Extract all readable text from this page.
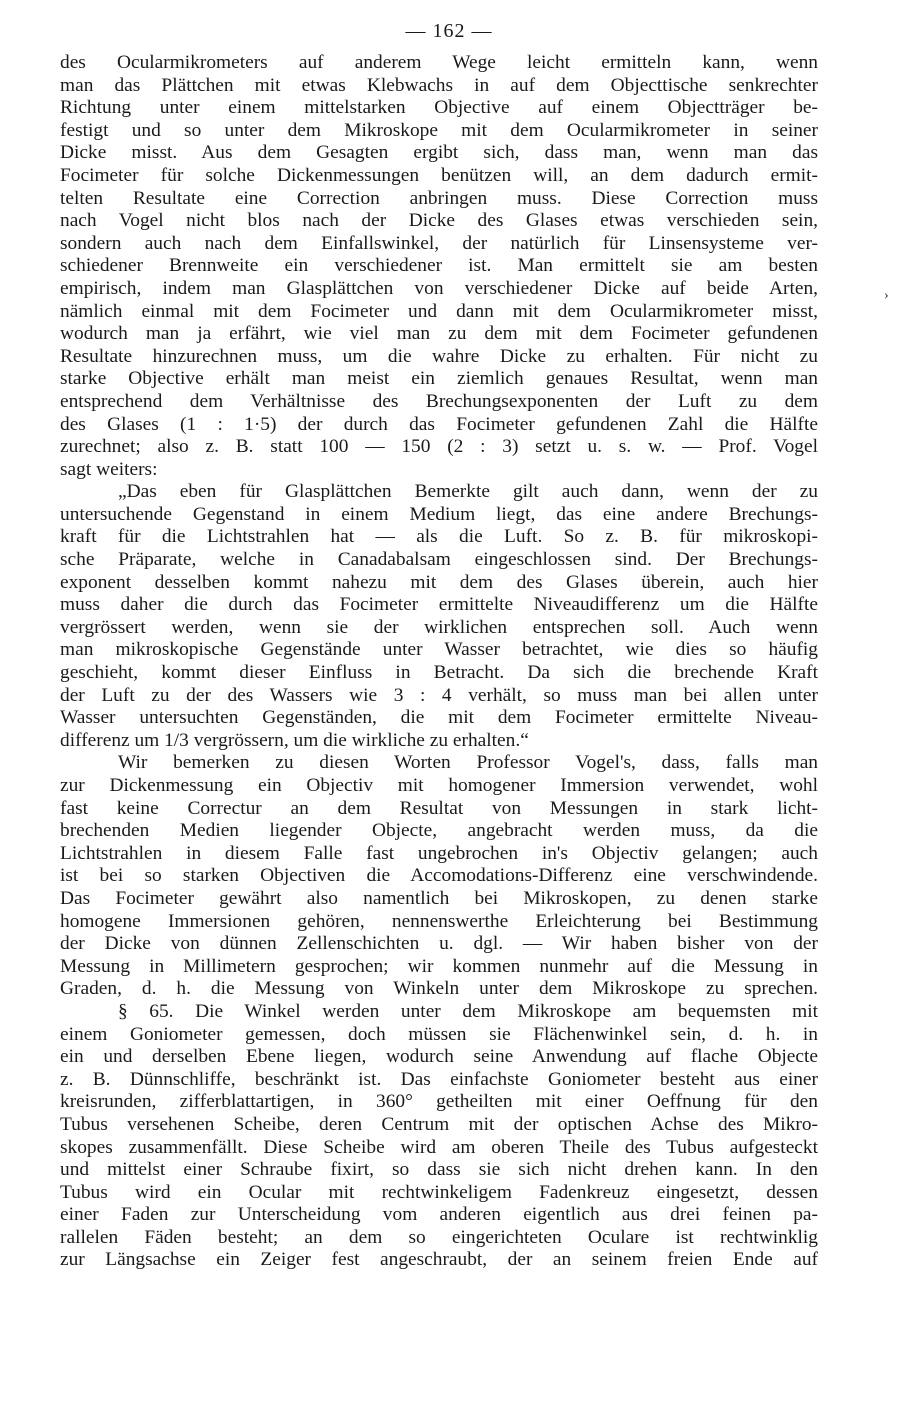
— 162 —
des Ocularmikrometers auf anderem Wege leicht ermitteln kann, wenn
man das Plättchen mit etwas Klebwachs in auf dem Objecttische senkrechter
Richtung unter einem mittelstarken Objective auf einem Objectträger be-
festigt und so unter dem Mikroskope mit dem Ocularmikrometer in seiner
Dicke misst. Aus dem Gesagten ergibt sich, dass man, wenn man das
Focimeter für solche Dickenmessungen benützen will, an dem dadurch ermit-
telten Resultate eine Correction anbringen muss. Diese Correction muss
nach Vogel nicht blos nach der Dicke des Glases etwas verschieden sein,
sondern auch nach dem Einfallswinkel, der natürlich für Linsensysteme ver-
schiedener Brennweite ein verschiedener ist. Man ermittelt sie am besten
empirisch, indem man Glasplättchen von verschiedener Dicke auf beide Arten,
nämlich einmal mit dem Focimeter und dann mit dem Ocularmikrometer misst,
wodurch man ja erfährt, wie viel man zu dem mit dem Focimeter gefundenen
Resultate hinzurechnen muss, um die wahre Dicke zu erhalten. Für nicht zu
starke Objective erhält man meist ein ziemlich genaues Resultat, wenn man
entsprechend dem Verhältnisse des Brechungsexponenten der Luft zu dem
des Glases (1 : 1·5) der durch das Focimeter gefundenen Zahl die Hälfte
zurechnet; also z. B. statt 100 — 150 (2 : 3) setzt u. s. w. — Prof. Vogel
sagt weiters:
„Das eben für Glasplättchen Bemerkte gilt auch dann, wenn der zu
untersuchende Gegenstand in einem Medium liegt, das eine andere Brechungs-
kraft für die Lichtstrahlen hat — als die Luft. So z. B. für mikroskopi-
sche Präparate, welche in Canadabalsam eingeschlossen sind. Der Brechungs-
exponent desselben kommt nahezu mit dem des Glases überein, auch hier
muss daher die durch das Focimeter ermittelte Niveaudifferenz um die Hälfte
vergrössert werden, wenn sie der wirklichen entsprechen soll. Auch wenn
man mikroskopische Gegenstände unter Wasser betrachtet, wie dies so häufig
geschieht, kommt dieser Einfluss in Betracht. Da sich die brechende Kraft
der Luft zu der des Wassers wie 3 : 4 verhält, so muss man bei allen unter
Wasser untersuchten Gegenständen, die mit dem Focimeter ermittelte Niveau-
differenz um 1/3 vergrössern, um die wirkliche zu erhalten.“
Wir bemerken zu diesen Worten Professor Vogel's, dass, falls man
zur Dickenmessung ein Objectiv mit homogener Immersion verwendet, wohl
fast keine Correctur an dem Resultat von Messungen in stark licht-
brechenden Medien liegender Objecte, angebracht werden muss, da die
Lichtstrahlen in diesem Falle fast ungebrochen in's Objectiv gelangen; auch
ist bei so starken Objectiven die Accomodations-Differenz eine verschwindende.
Das Focimeter gewährt also namentlich bei Mikroskopen, zu denen starke
homogene Immersionen gehören, nennenswerthe Erleichterung bei Bestimmung
der Dicke von dünnen Zellenschichten u. dgl. — Wir haben bisher von der
Messung in Millimetern gesprochen; wir kommen nunmehr auf die Messung in
Graden, d. h. die Messung von Winkeln unter dem Mikroskope zu sprechen.
§ 65. Die Winkel werden unter dem Mikroskope am bequemsten mit
einem Goniometer gemessen, doch müssen sie Flächenwinkel sein, d. h. in
ein und derselben Ebene liegen, wodurch seine Anwendung auf flache Objecte
z. B. Dünnschliffe, beschränkt ist. Das einfachste Goniometer besteht aus einer
kreisrunden, zifferblattartigen, in 360° getheilten mit einer Oeffnung für den
Tubus versehenen Scheibe, deren Centrum mit der optischen Achse des Mikro-
skopes zusammenfällt. Diese Scheibe wird am oberen Theile des Tubus aufgesteckt
und mittelst einer Schraube fixirt, so dass sie sich nicht drehen kann. In den
Tubus wird ein Ocular mit rechtwinkeligem Fadenkreuz eingesetzt, dessen
einer Faden zur Unterscheidung vom anderen eigentlich aus drei feinen pa-
rallelen Fäden besteht; an dem so eingerichteten Oculare ist rechtwinklig
zur Längsachse ein Zeiger fest angeschraubt, der an seinem freien Ende auf
›
